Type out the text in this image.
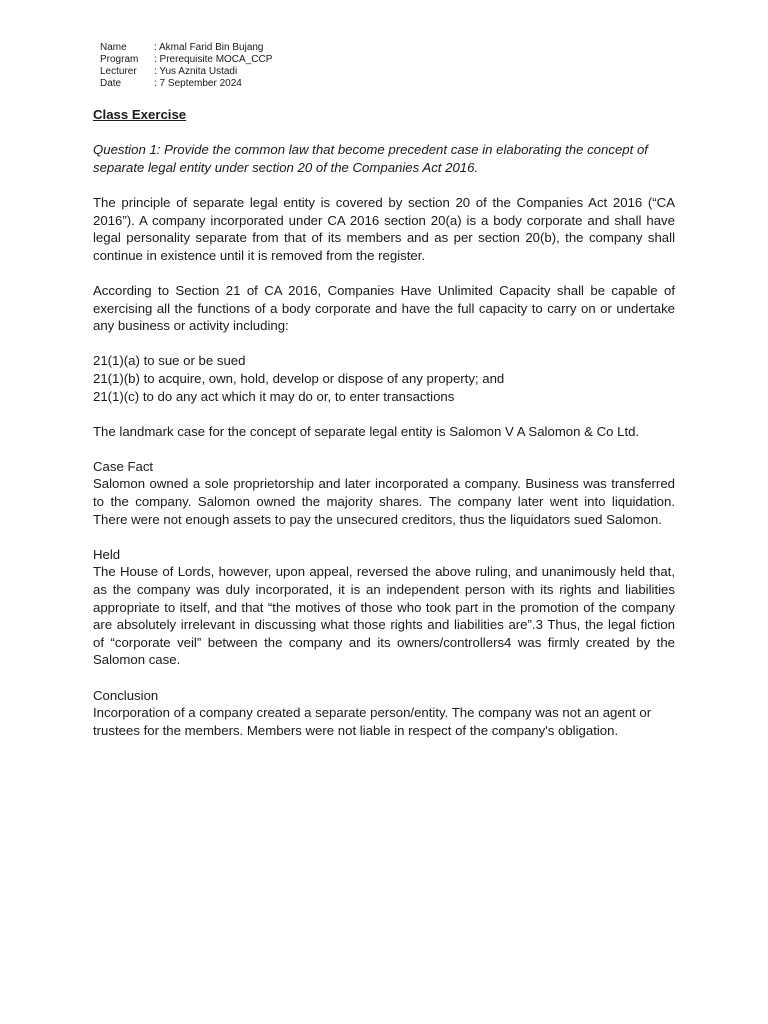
Name	: Akmal Farid Bin Bujang
Program	: Prerequisite MOCA_CCP
Lecturer	: Yus Aznita Ustadi
Date	: 7 September 2024

Class Exercise

Question 1: Provide the common law that become precedent case in elaborating the concept of separate legal entity under section 20 of the Companies Act 2016.

The principle of separate legal entity is covered by section 20 of the Companies Act 2016 (“CA 2016”). A company incorporated under CA 2016 section 20(a) is a body corporate and shall have legal personality separate from that of its members and as per section 20(b), the company shall continue in existence until it is removed from the register.

According to Section 21 of CA 2016, Companies Have Unlimited Capacity shall be capable of exercising all the functions of a body corporate and have the full capacity to carry on or undertake any business or activity including:

21(1)(a) to sue or be sued

21(1)(b) to acquire, own, hold, develop or dispose of any property; and

21(1)(c) to do any act which it may do or, to enter transactions

The landmark case for the concept of separate legal entity is Salomon V A Salomon & Co Ltd.

Case Fact

Salomon owned a sole proprietorship and later incorporated a company. Business was transferred to the company. Salomon owned the majority shares. The company later went into liquidation. There were not enough assets to pay the unsecured creditors, thus the liquidators sued Salomon.

Held

The House of Lords, however, upon appeal, reversed the above ruling, and unanimously held that, as the company was duly incorporated, it is an independent person with its rights and liabilities appropriate to itself, and that “the motives of those who took part in the promotion of the company are absolutely irrelevant in discussing what those rights and liabilities are”.3 Thus, the legal fiction of “corporate veil” between the company and its owners/controllers4 was firmly created by the Salomon case.

Conclusion

Incorporation of a company created a separate person/entity. The company was not an agent or trustees for the members. Members were not liable in respect of the company's obligation.
